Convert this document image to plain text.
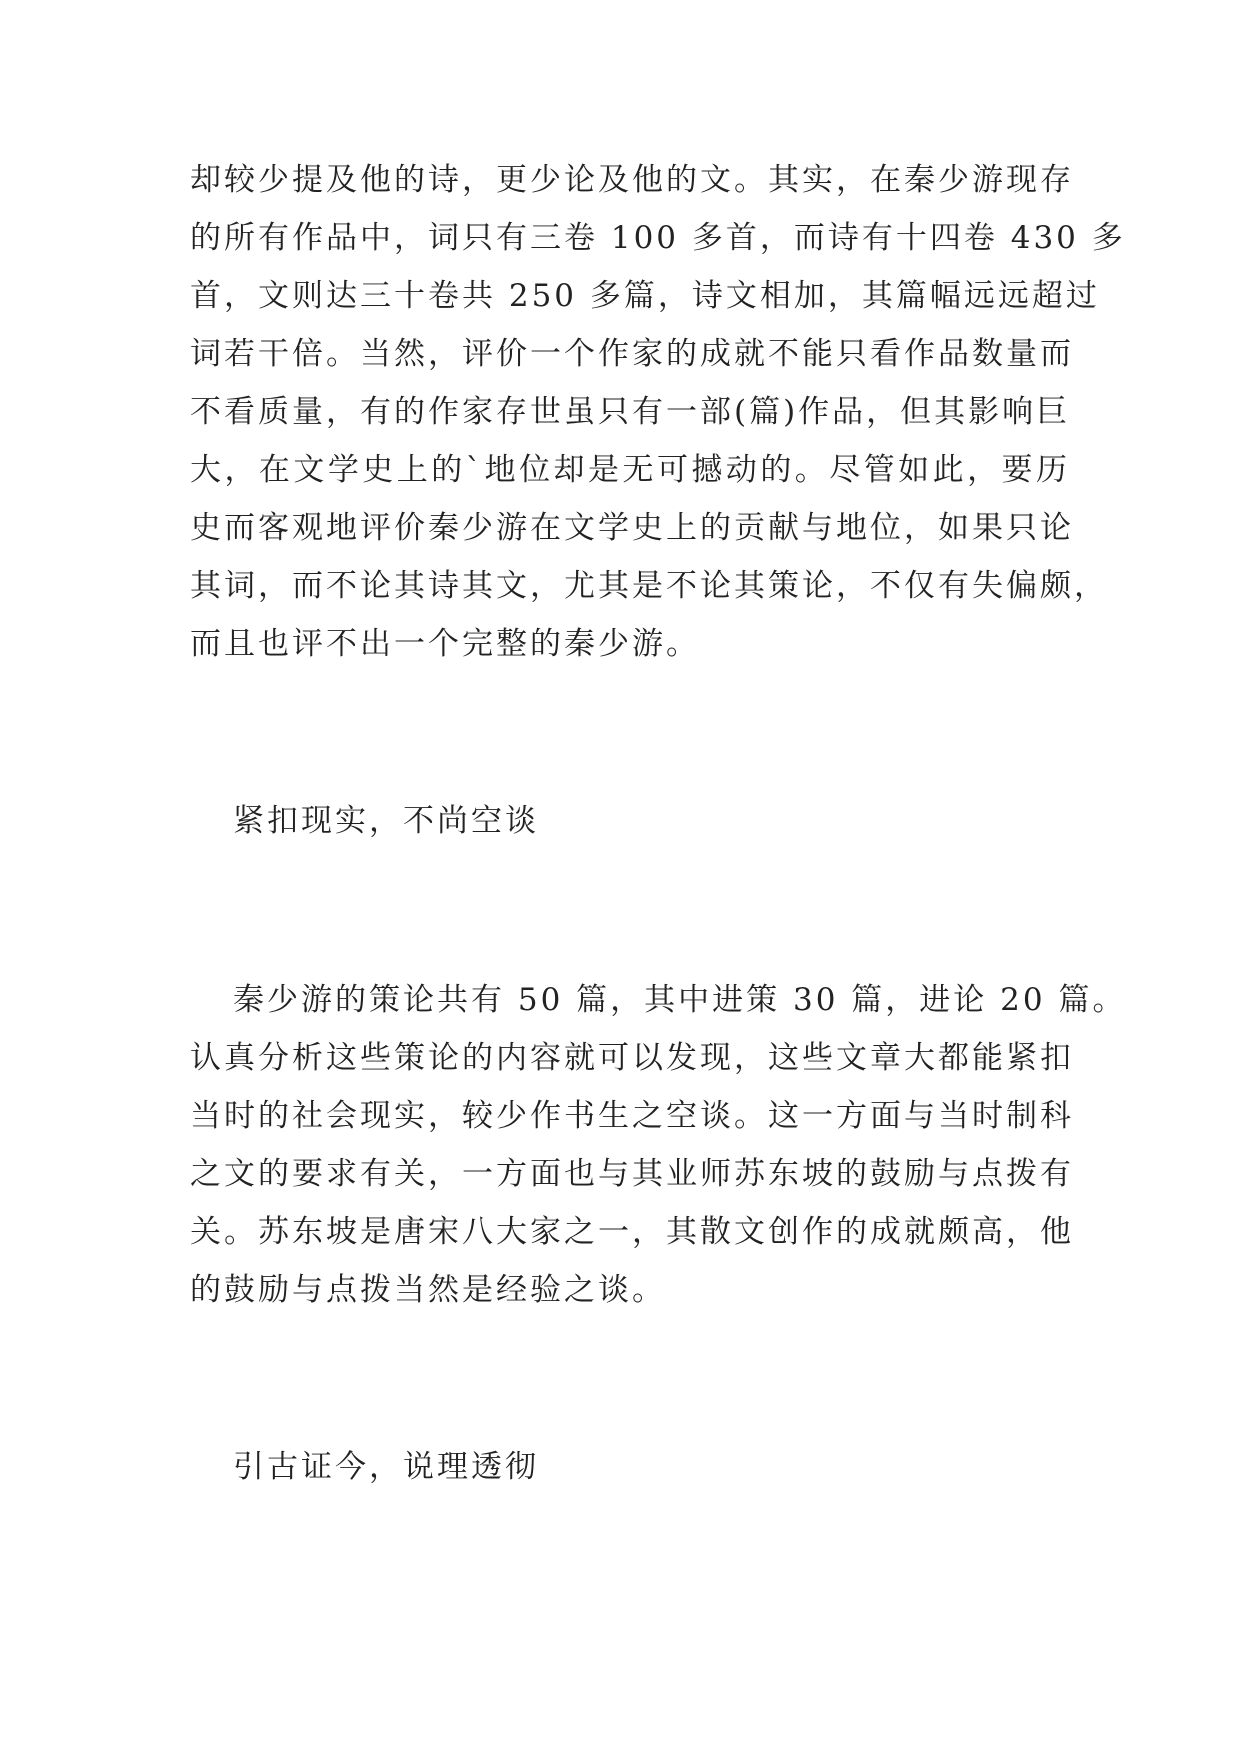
却较少提及他的诗，更少论及他的文。其实，在秦少游现存
的所有作品中，词只有三卷 100 多首，而诗有十四卷 430 多
首，文则达三十卷共 250 多篇，诗文相加，其篇幅远远超过
词若干倍。当然，评价一个作家的成就不能只看作品数量而
不看质量，有的作家存世虽只有一部(篇)作品，但其影响巨
大，在文学史上的`地位却是无可撼动的。尽管如此，要历
史而客观地评价秦少游在文学史上的贡献与地位，如果只论
其词，而不论其诗其文，尤其是不论其策论，不仅有失偏颇，
而且也评不出一个完整的秦少游。
紧扣现实，不尚空谈
秦少游的策论共有 50 篇，其中进策 30 篇，进论 20 篇。
认真分析这些策论的内容就可以发现，这些文章大都能紧扣
当时的社会现实，较少作书生之空谈。这一方面与当时制科
之文的要求有关，一方面也与其业师苏东坡的鼓励与点拨有
关。苏东坡是唐宋八大家之一，其散文创作的成就颇高，他
的鼓励与点拨当然是经验之谈。
引古证今，说理透彻
